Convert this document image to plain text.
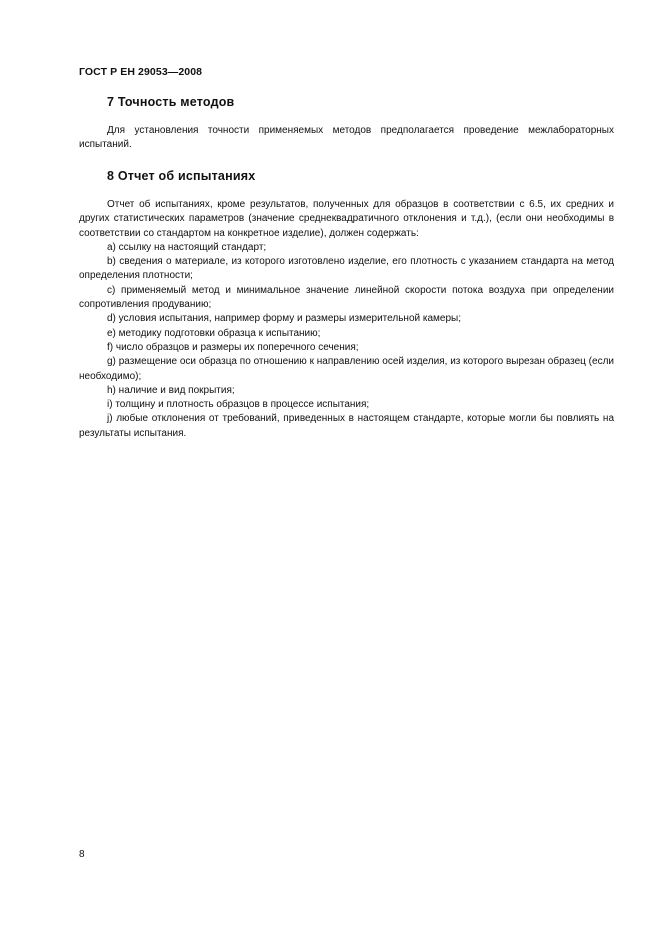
ГОСТ Р ЕН 29053—2008
7 Точность методов

Для установления точности применяемых методов предполагается проведение межлабораторных испытаний.

8 Отчет об испытаниях

Отчет об испытаниях, кроме результатов, полученных для образцов в соответствии с 6.5, их средних и других статистических параметров (значение среднеквадратичного отклонения и т.д.), (если они необходимы в соответствии со стандартом на конкретное изделие), должен содержать:

a) ссылку на настоящий стандарт;

b) сведения о материале, из которого изготовлено изделие, его плотность с указанием стандарта на метод определения плотности;

c) применяемый метод и минимальное значение линейной скорости потока воздуха при определении сопротивления продуванию;

d) условия испытания, например форму и размеры измерительной камеры;

e) методику подготовки образца к испытанию;

f) число образцов и размеры их поперечного сечения;

g) размещение оси образца по отношению к направлению осей изделия, из которого вырезан образец (если необходимо);

h) наличие и вид покрытия;

i) толщину и плотность образцов в процессе испытания;

j) любые отклонения от требований, приведенных в настоящем стандарте, которые могли бы повлиять на результаты испытания.

8
